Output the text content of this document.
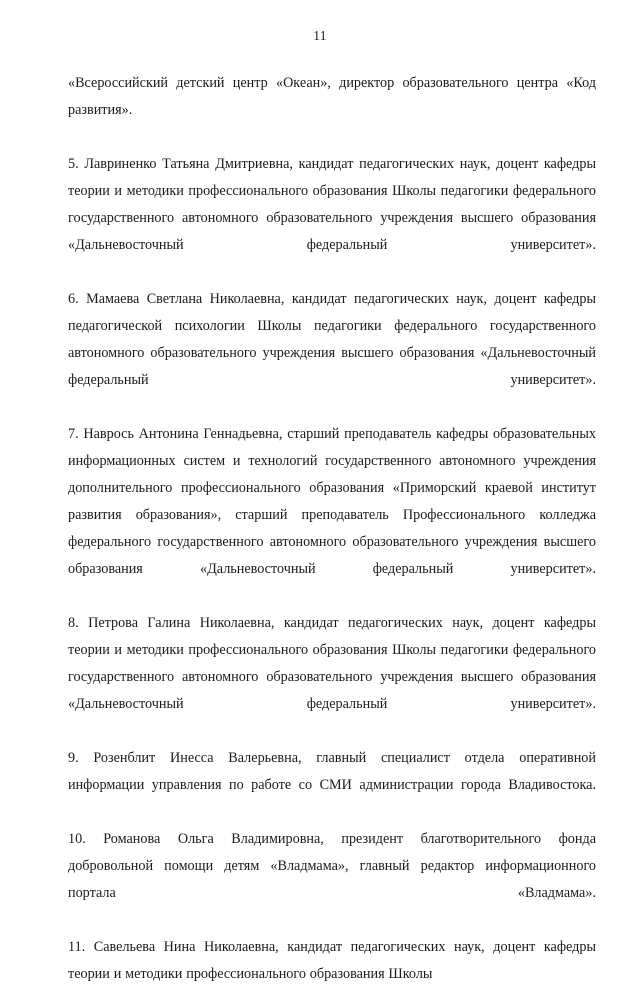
11

«Всероссийский детский центр «Океан», директор образовательного центра «Код развития».

5. Лавриненко Татьяна Дмитриевна, кандидат педагогических наук, доцент кафедры теории и методики профессионального образования Школы педагогики федерального государственного автономного образовательного учреждения высшего образования «Дальневосточный федеральный университет».

6. Мамаева Светлана Николаевна, кандидат педагогических наук, доцент кафедры педагогической психологии Школы педагогики федерального государственного автономного образовательного учреждения высшего образования «Дальневосточный федеральный университет».

7. Наврось Антонина Геннадьевна, старший преподаватель кафедры образовательных информационных систем и технологий государственного автономного учреждения дополнительного профессионального образования «Приморский краевой институт развития образования», старший преподаватель Профессионального колледжа федерального государственного автономного образовательного учреждения высшего образования «Дальневосточный федеральный университет».

8. Петрова Галина Николаевна, кандидат педагогических наук, доцент кафедры теории и методики профессионального образования Школы педагогики федерального государственного автономного образовательного учреждения высшего образования «Дальневосточный федеральный университет».

9. Розенблит Инесса Валерьевна, главный специалист отдела оперативной информации управления по работе со СМИ администрации города Владивостока.

10. Романова Ольга Владимировна, президент благотворительного фонда добровольной помощи детям «Владмама», главный редактор информационного портала «Владмама».

11. Савельева Нина Николаевна, кандидат педагогических наук, доцент кафедры теории и методики профессионального образования Школы
